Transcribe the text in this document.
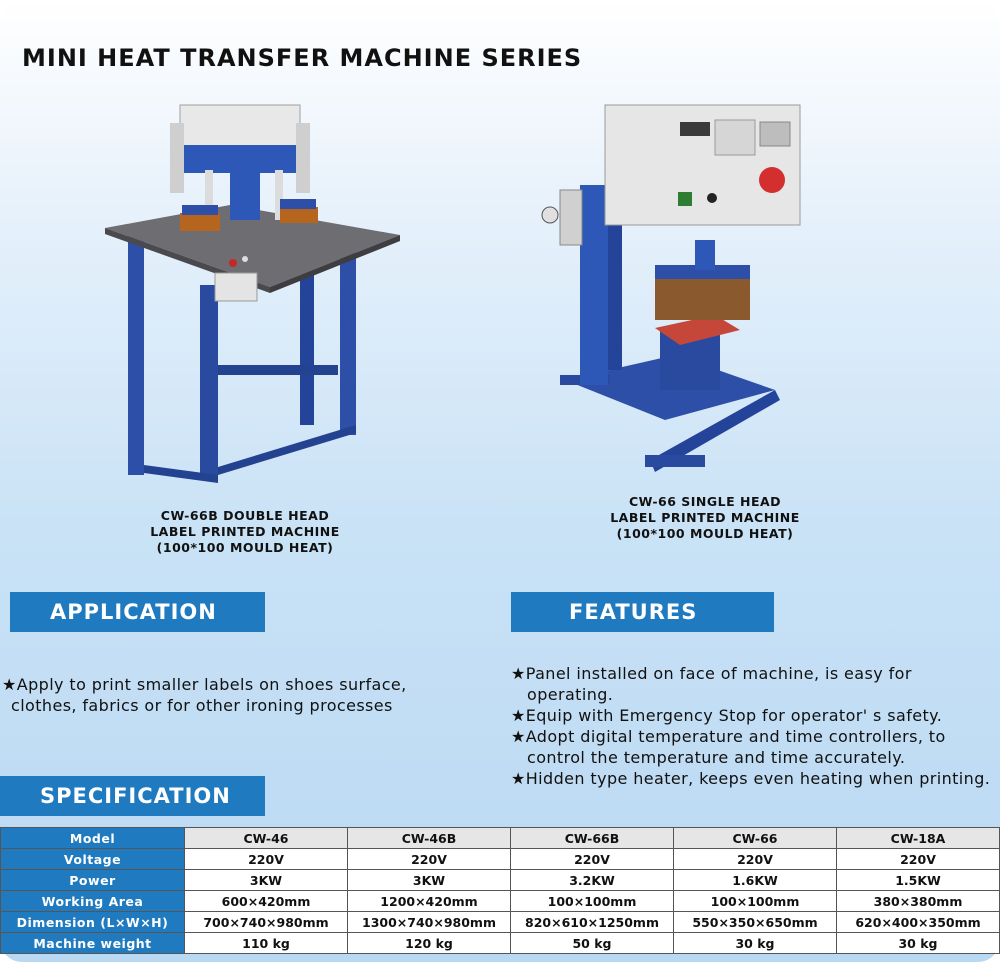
MINI HEAT TRANSFER MACHINE SERIES
CW-66B DOUBLE HEAD
LABEL PRINTED MACHINE
(100*100 MOULD HEAT)
CW-66 SINGLE HEAD
LABEL PRINTED MACHINE
(100*100 MOULD HEAT)
APPLICATION	FEATURES
SPECIFICATION
★Apply to print smaller labels on shoes surface,
clothes, fabrics or for other ironing processes
★Panel installed on face of machine, is easy for
operating.
★Equip with Emergency Stop for operator' s safety.
★Adopt digital temperature and time controllers, to
control the temperature and time accurately.
★Hidden type heater, keeps even heating when printing.
Model	CW-46	CW-46B	CW-66B	CW-66	CW-18A
Voltage	220V	220V	220V	220V	220V
Power	3KW	3KW	3.2KW	1.6KW	1.5KW
Working Area	600×420mm	1200×420mm	100×100mm	100×100mm	380×380mm
Dimension (L×W×H)	700×740×980mm	1300×740×980mm	820×610×1250mm	550×350×650mm	620×400×350mm
Machine weight	110 kg	120 kg	50 kg	30 kg	30 kg
